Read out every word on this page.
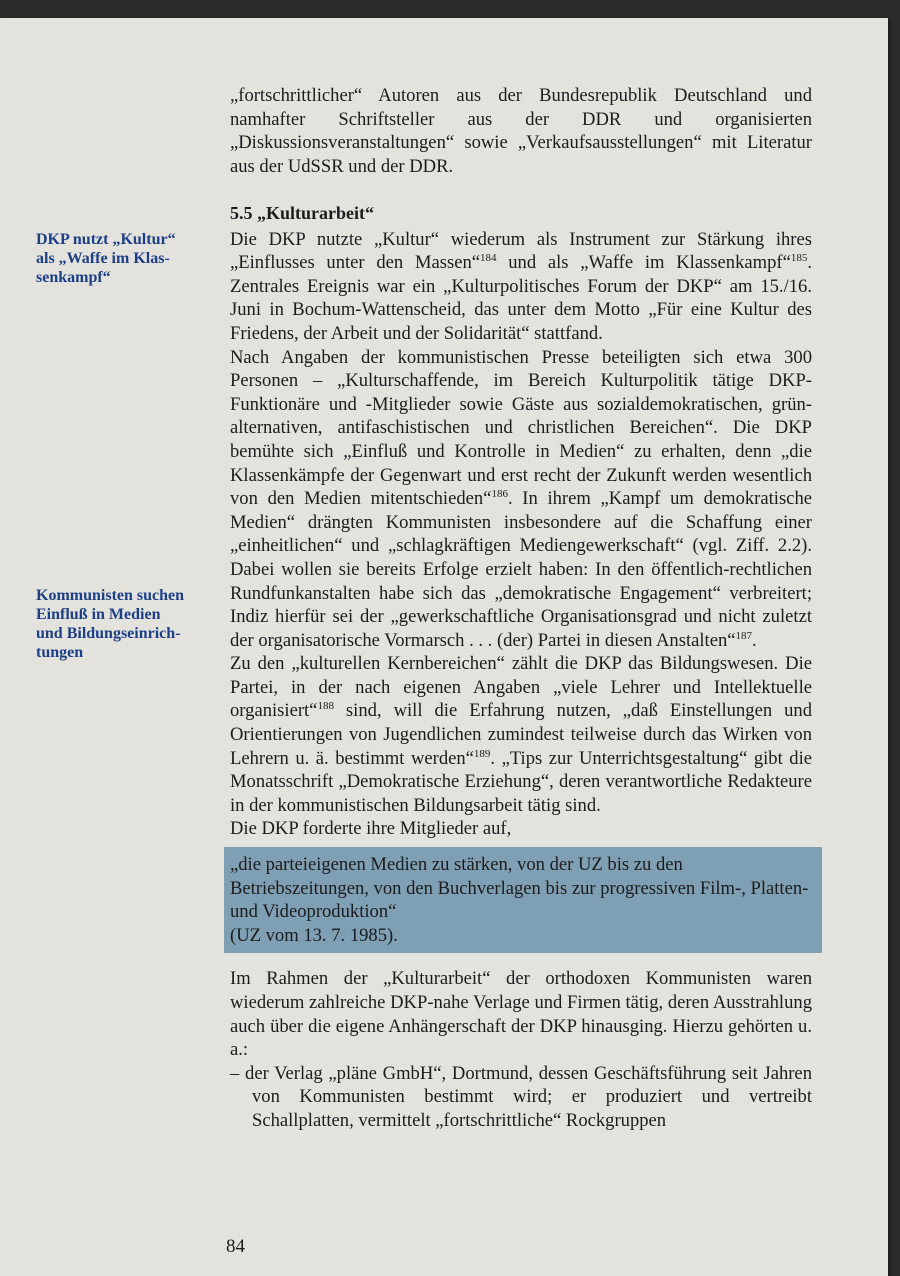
DKP nutzt „Kultur“
als „Waffe im Klas-
senkampf“
Kommunisten suchen
Einfluß in Medien
und Bildungseinrich-
tungen

„fortschrittlicher“ Autoren aus der Bundesrepublik Deutschland und namhafter Schriftsteller aus der DDR und organisierten „Diskussionsveranstaltungen“ sowie „Verkaufsausstellungen“ mit Literatur aus der UdSSR und der DDR.

5.5 „Kulturarbeit“

Die DKP nutzte „Kultur“ wiederum als Instrument zur Stärkung ihres „Einflusses unter den Massen“$^{184}$ und als „Waffe im Klassenkampf“$^{185}$. Zentrales Ereignis war ein „Kulturpolitisches Forum der DKP“ am 15./16. Juni in Bochum-Wattenscheid, das unter dem Motto „Für eine Kultur des Friedens, der Arbeit und der Solidarität“ stattfand.

Nach Angaben der kommunistischen Presse beteiligten sich etwa 300 Personen – „Kulturschaffende, im Bereich Kulturpolitik tätige DKP-Funktionäre und -Mitglieder sowie Gäste aus sozialdemokratischen, grün-alternativen, antifaschistischen und christlichen Bereichen“. Die DKP bemühte sich „Einfluß und Kontrolle in Medien“ zu erhalten, denn „die Klassenkämpfe der Gegenwart und erst recht der Zukunft werden wesentlich von den Medien mitentschieden“$^{186}$. In ihrem „Kampf um demokratische Medien“ drängten Kommunisten insbesondere auf die Schaffung einer „einheitlichen“ und „schlagkräftigen Mediengewerkschaft“ (vgl. Ziff. 2.2). Dabei wollen sie bereits Erfolge erzielt haben: In den öffentlich-rechtlichen Rundfunkanstalten habe sich das „demokratische Engagement“ verbreitert; Indiz hierfür sei der „gewerkschaftliche Organisationsgrad und nicht zuletzt der organisatorische Vormarsch . . . (der) Partei in diesen Anstalten“$^{187}$.

Zu den „kulturellen Kernbereichen“ zählt die DKP das Bildungswesen. Die Partei, in der nach eigenen Angaben „viele Lehrer und Intellektuelle organisiert“$^{188}$ sind, will die Erfahrung nutzen, „daß Einstellungen und Orientierungen von Jugendlichen zumindest teilweise durch das Wirken von Lehrern u. ä. bestimmt werden“$^{189}$. „Tips zur Unterrichtsgestaltung“ gibt die Monatsschrift „Demokratische Erziehung“, deren verantwortliche Redakteure in der kommunistischen Bildungsarbeit tätig sind.

Die DKP forderte ihre Mitglieder auf,

„die parteieigenen Medien zu stärken, von der UZ bis zu den Betriebszeitungen, von den Buchverlagen bis zur progressiven Film-, Platten- und Videoproduktion“
(UZ vom 13. 7. 1985).

Im Rahmen der „Kulturarbeit“ der orthodoxen Kommunisten waren wiederum zahlreiche DKP-nahe Verlage und Firmen tätig, deren Ausstrahlung auch über die eigene Anhängerschaft der DKP hinausging. Hierzu gehörten u. a.:

– der Verlag „pläne GmbH“, Dortmund, dessen Geschäftsführung seit Jahren von Kommunisten bestimmt wird; er produziert und vertreibt Schallplatten, vermittelt „fortschrittliche“ Rockgruppen
84
